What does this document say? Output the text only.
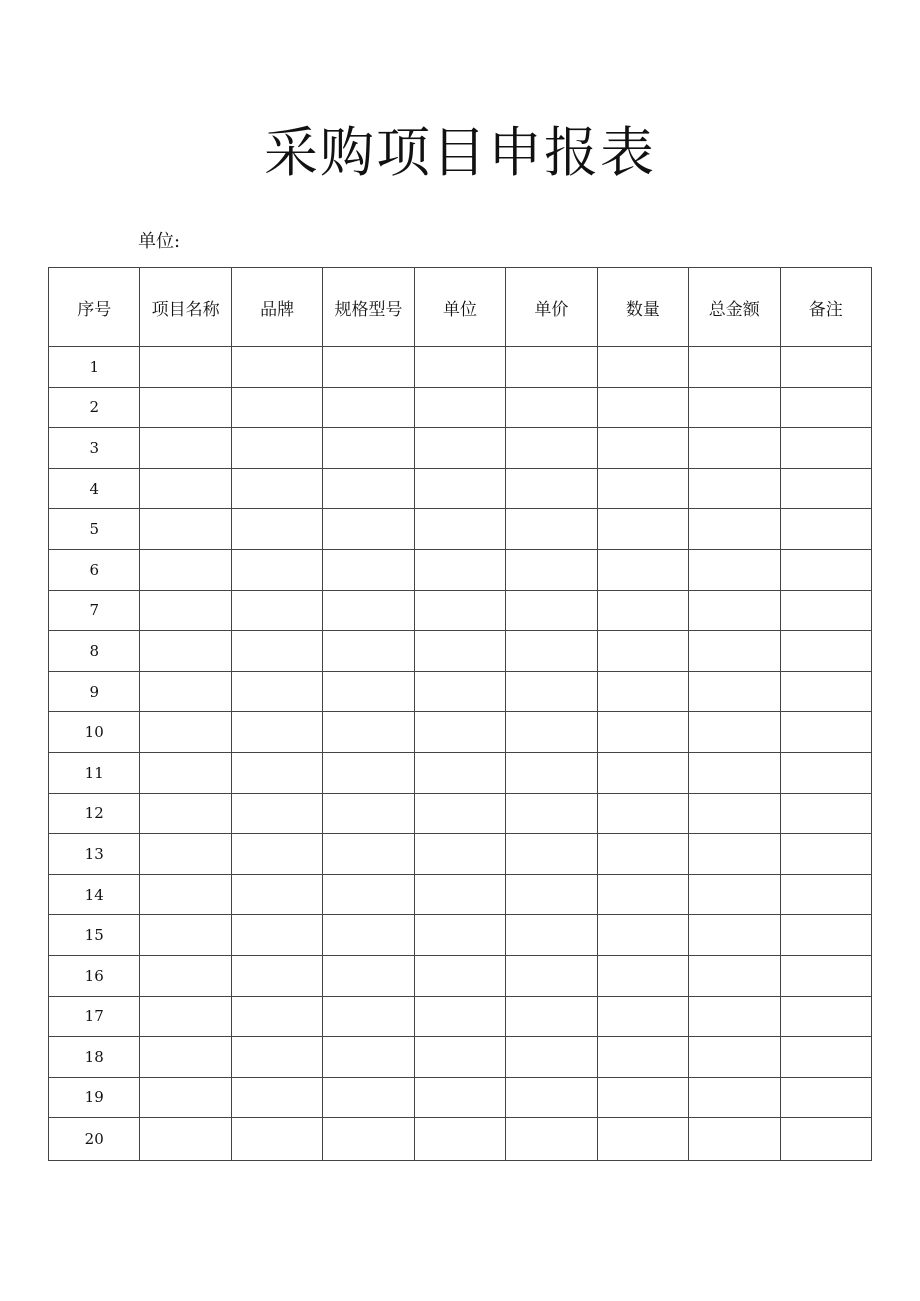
采购项目申报表
单位:
序号	项目名称	品牌	规格型号	单位	单价	数量	总金额	备注
1								
2								
3								
4								
5								
6								
7								
8								
9								
10								
11								
12								
13								
14								
15								
16								
17								
18								
19								
20								
